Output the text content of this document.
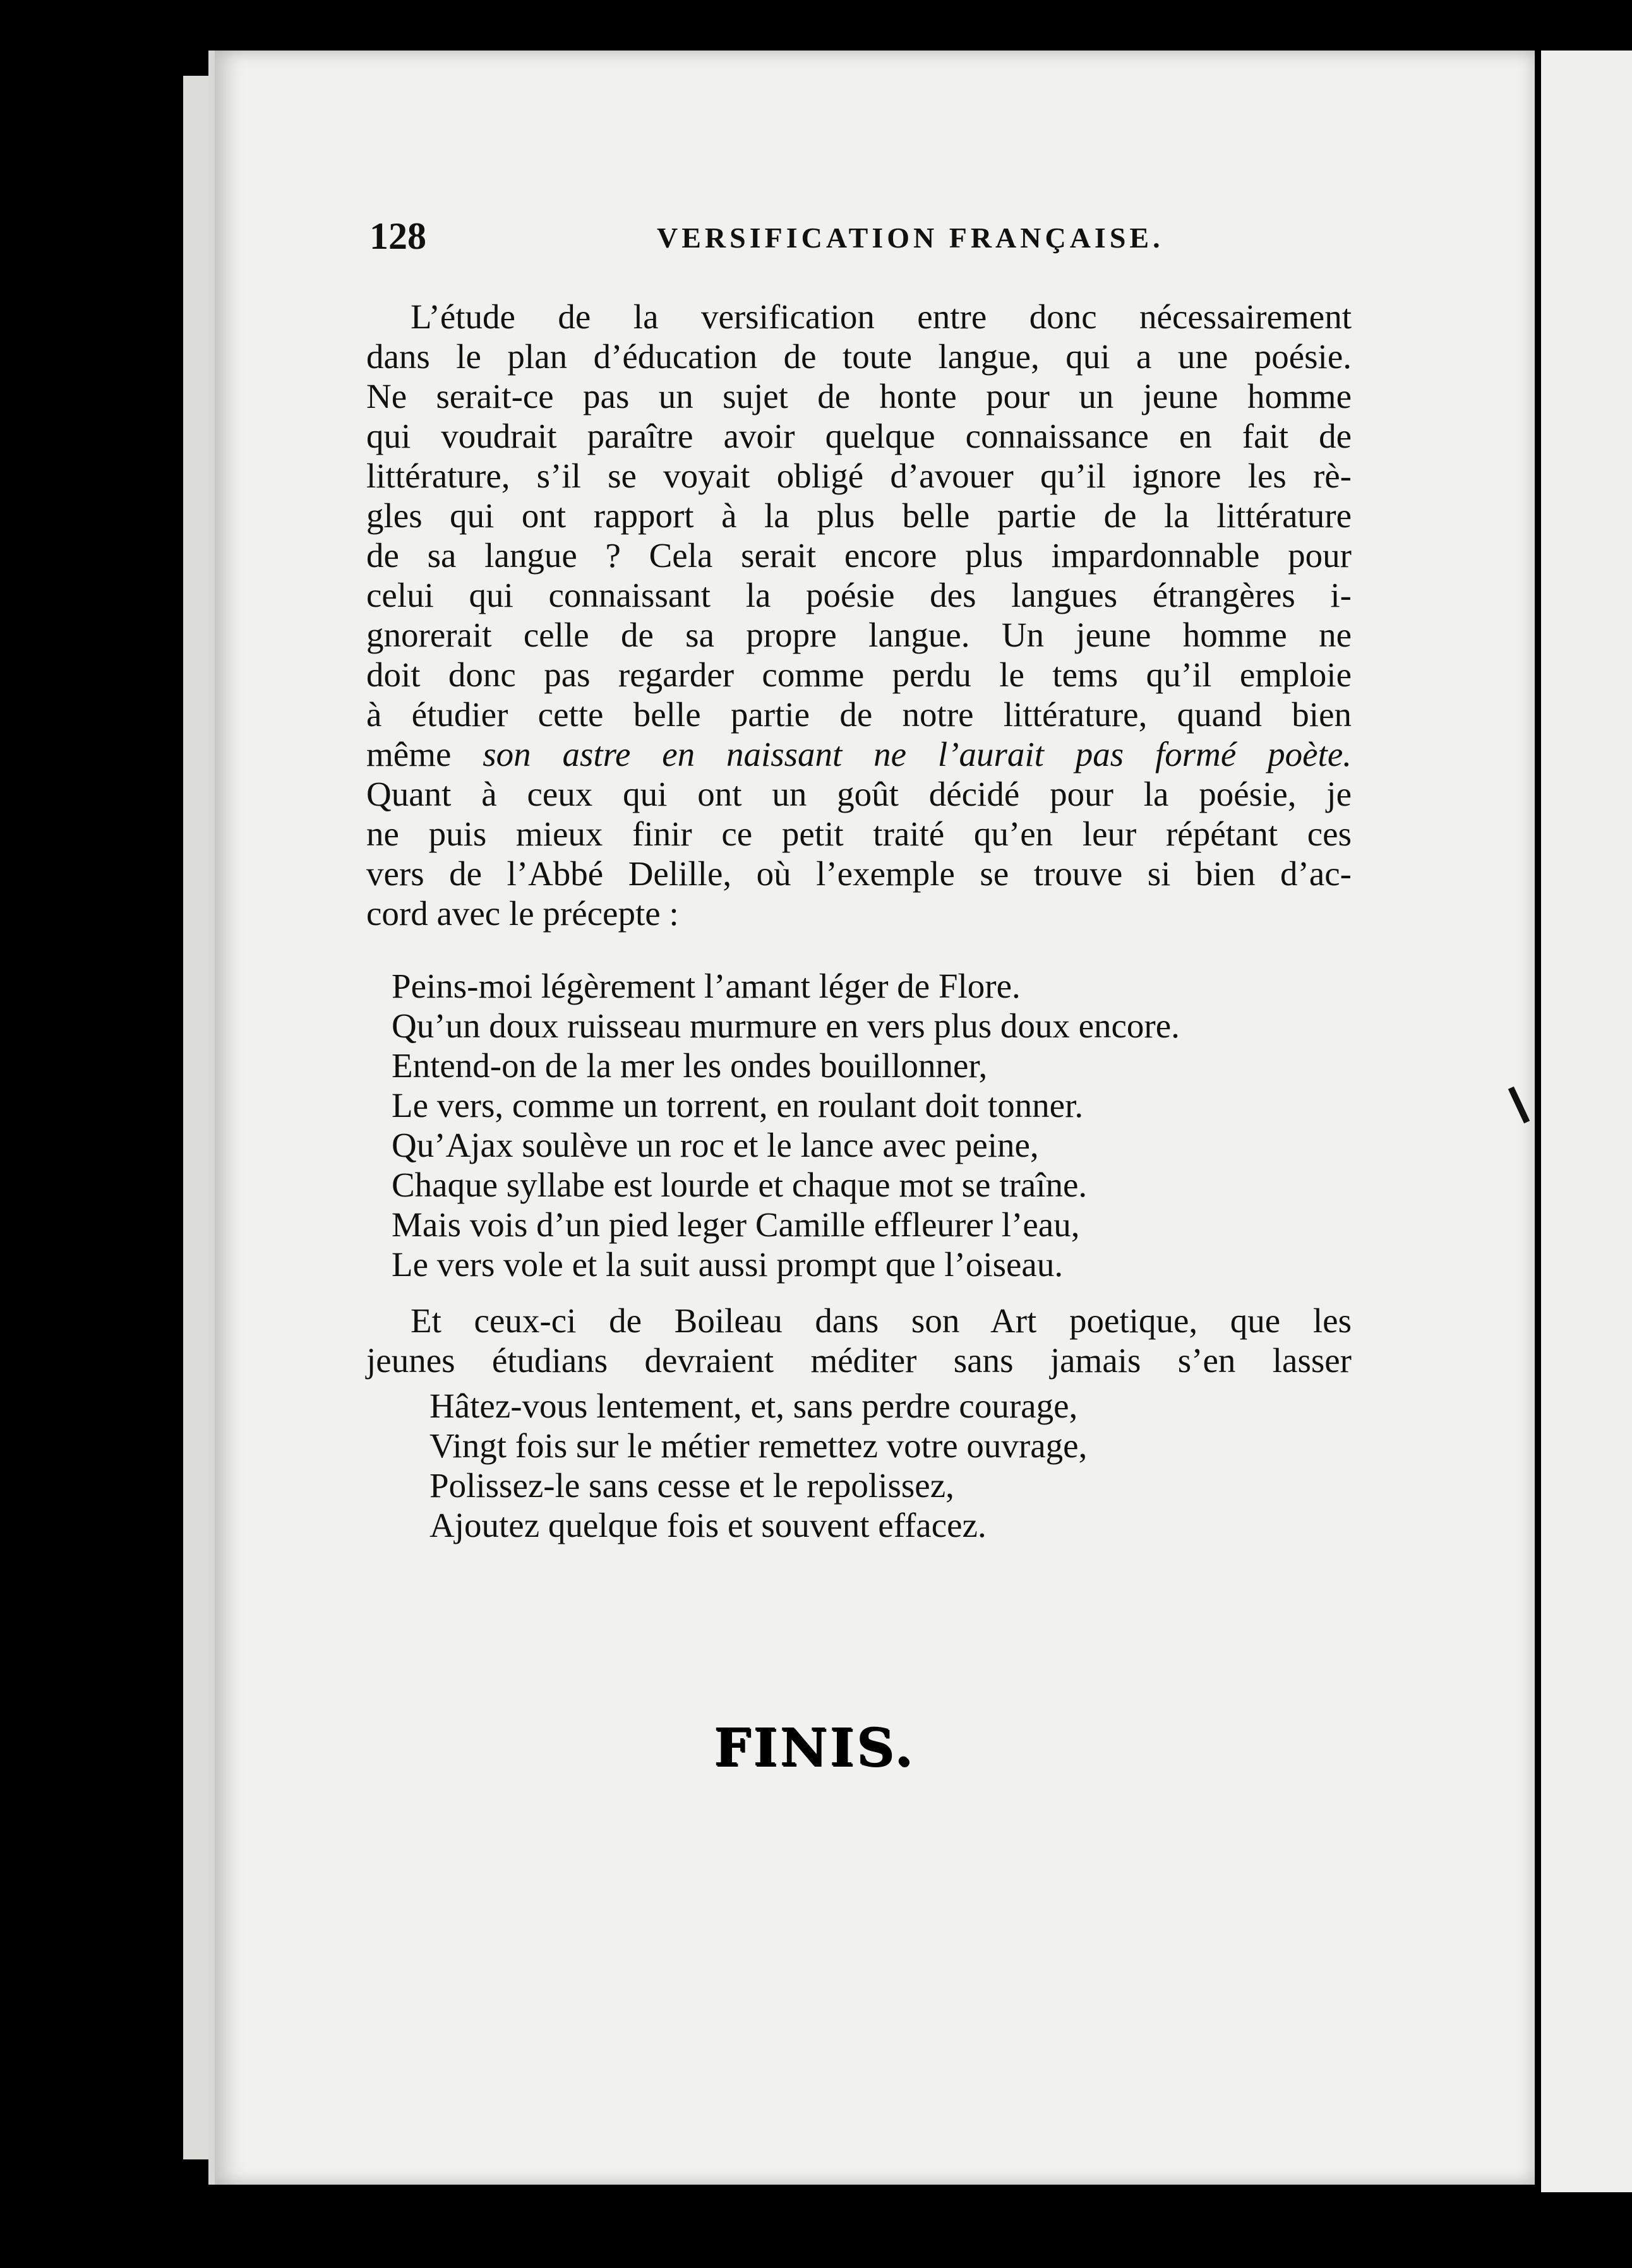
128	VERSIFICATION FRANÇAISE.
L’étude de la versification entre donc nécessairement
dans le plan d’éducation de toute langue, qui a une poésie.
Ne serait-ce pas un sujet de honte pour un jeune homme
qui voudrait paraître avoir quelque connaissance en fait de
littérature, s’il se voyait obligé d’avouer qu’il ignore les rè-
gles qui ont rapport à la plus belle partie de la littérature
de sa langue ? Cela serait encore plus impardonnable pour
celui qui connaissant la poésie des langues étrangères i-
gnorerait celle de sa propre langue. Un jeune homme ne
doit donc pas regarder comme perdu le tems qu’il emploie
à étudier cette belle partie de notre littérature, quand bien
même son astre en naissant ne l’aurait pas formé poète.
Quant à ceux qui ont un goût décidé pour la poésie, je
ne puis mieux finir ce petit traité qu’en leur répétant ces
vers de l’Abbé Delille, où l’exemple se trouve si bien d’ac-
cord avec le précepte :
Peins-moi légèrement l’amant léger de Flore.
Qu’un doux ruisseau murmure en vers plus doux encore.
Entend-on de la mer les ondes bouillonner,
Le vers, comme un torrent, en roulant doit tonner.
Qu’Ajax soulève un roc et le lance avec peine,
Chaque syllabe est lourde et chaque mot se traîne.
Mais vois d’un pied leger Camille effleurer l’eau,
Le vers vole et la suit aussi prompt que l’oiseau.
Et ceux-ci de Boileau dans son Art poetique, que les
jeunes étudians devraient méditer sans jamais s’en lasser
Hâtez-vous lentement, et, sans perdre courage,
Vingt fois sur le métier remettez votre ouvrage,
Polissez-le sans cesse et le repolissez,
Ajoutez quelque fois et souvent effacez.
FINIS.
